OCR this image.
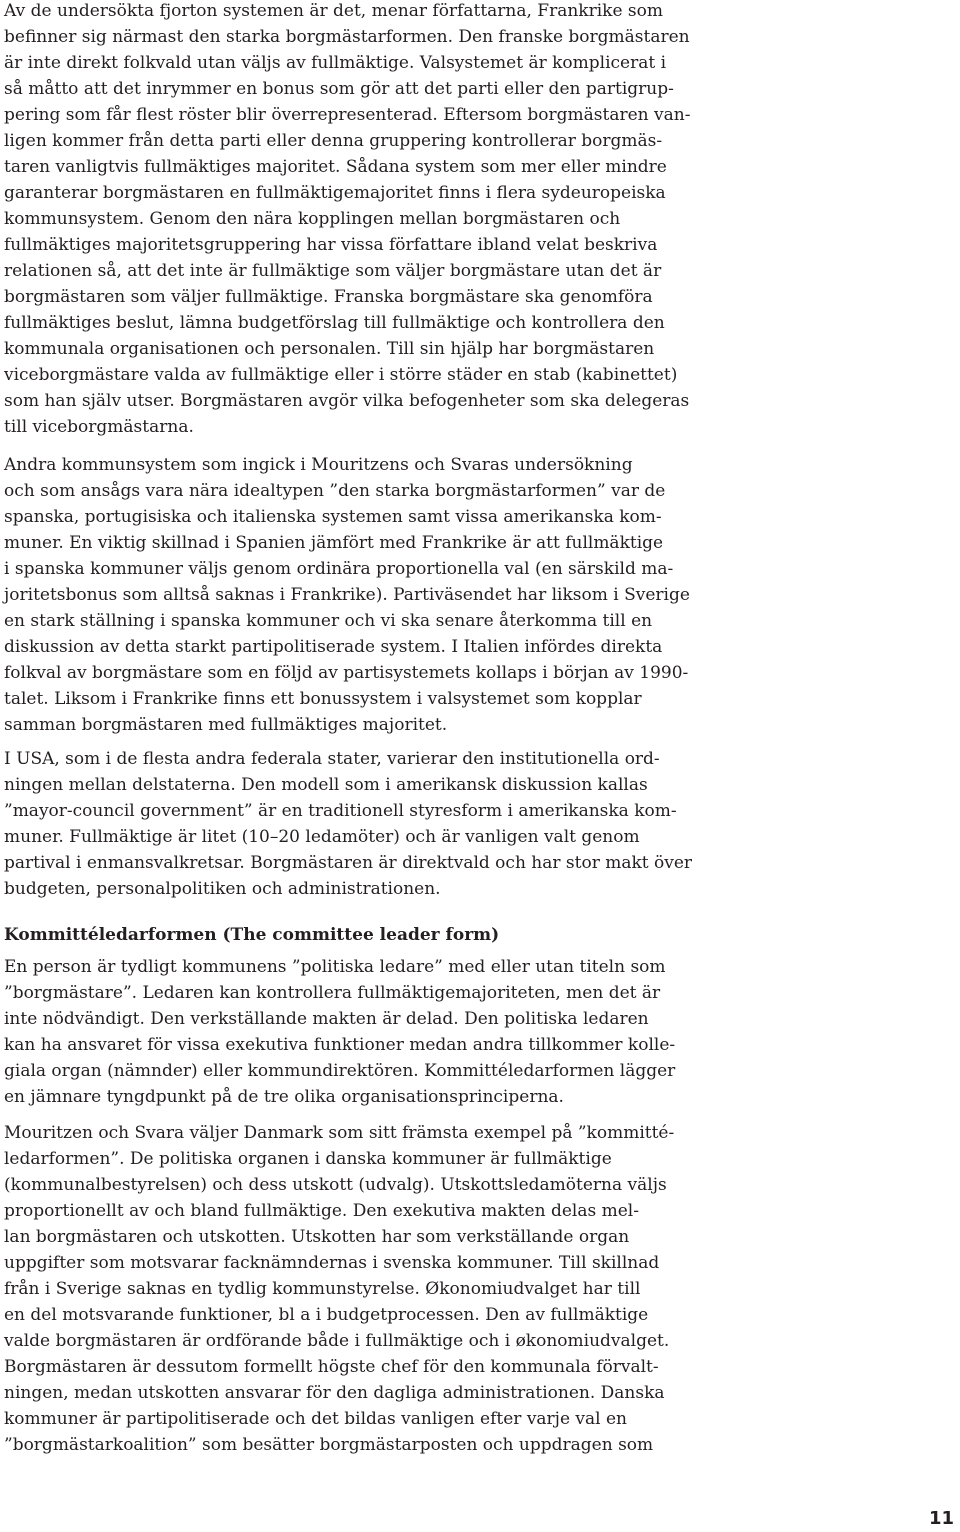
Av de undersökta fjorton systemen är det, menar författarna, Frankrike som
befinner sig närmast den starka borgmästarformen. Den franske borgmästaren
är inte direkt folkvald utan väljs av fullmäktige. Valsystemet är komplicerat i
så måtto att det inrymmer en bonus som gör att det parti eller den partigrup-
pering som får flest röster blir överrepresenterad. Eftersom borgmästaren van-
ligen kommer från detta parti eller denna gruppering kontrollerar borgmäs-
taren vanligtvis fullmäktiges majoritet. Sådana system som mer eller mindre
garanterar borgmästaren en fullmäktigemajoritet finns i flera sydeuropeiska
kommunsystem. Genom den nära kopplingen mellan borgmästaren och
fullmäktiges majoritetsgruppering har vissa författare ibland velat beskriva
relationen så, att det inte är fullmäktige som väljer borgmästare utan det är
borgmästaren som väljer fullmäktige. Franska borgmästare ska genomföra
fullmäktiges beslut, lämna budgetförslag till fullmäktige och kontrollera den
kommunala organisationen och personalen. Till sin hjälp har borgmästaren
viceborgmästare valda av fullmäktige eller i större städer en stab (kabinettet)
som han själv utser. Borgmästaren avgör vilka befogenheter som ska delegeras
till viceborgmästarna.
Andra kommunsystem som ingick i Mouritzens och Svaras undersökning
och som ansågs vara nära idealtypen ”den starka borgmästarformen” var de
spanska, portugisiska och italienska systemen samt vissa amerikanska kom-
muner. En viktig skillnad i Spanien jämfört med Frankrike är att fullmäktige
i spanska kommuner väljs genom ordinära proportionella val (en särskild ma-
joritetsbonus som alltså saknas i Frankrike). Partiväsendet har liksom i Sverige
en stark ställning i spanska kommuner och vi ska senare återkomma till en
diskussion av detta starkt partipolitiserade system. I Italien infördes direkta
folkval av borgmästare som en följd av partisystemets kollaps i början av 1990-
talet. Liksom i Frankrike finns ett bonussystem i valsystemet som kopplar
samman borgmästaren med fullmäktiges majoritet.
I USA, som i de flesta andra federala stater, varierar den institutionella ord-
ningen mellan delstaterna. Den modell som i amerikansk diskussion kallas
”mayor-council government” är en traditionell styresform i amerikanska kom-
muner. Fullmäktige är litet (10–20 ledamöter) och är vanligen valt genom
partival i enmansvalkretsar. Borgmästaren är direktvald och har stor makt över
budgeten, personalpolitiken och administrationen.
Kommittéledarformen (The committee leader form)
En person är tydligt kommunens ”politiska ledare” med eller utan titeln som
”borgmästare”. Ledaren kan kontrollera fullmäktigemajoriteten, men det är
inte nödvändigt. Den verkställande makten är delad. Den politiska ledaren
kan ha ansvaret för vissa exekutiva funktioner medan andra tillkommer kolle-
giala organ (nämnder) eller kommundirektören. Kommittéledarformen lägger
en jämnare tyngdpunkt på de tre olika organisationsprinciperna.
Mouritzen och Svara väljer Danmark som sitt främsta exempel på ”kommitté-
ledarformen”. De politiska organen i danska kommuner är fullmäktige
(kommunalbestyrelsen) och dess utskott (udvalg). Utskottsledamöterna väljs
proportionellt av och bland fullmäktige. Den exekutiva makten delas mel-
lan borgmästaren och utskotten. Utskotten har som verkställande organ
uppgifter som motsvarar facknämndernas i svenska kommuner. Till skillnad
från i Sverige saknas en tydlig kommunstyrelse. Økonomiudvalget har till
en del motsvarande funktioner, bl a i budgetprocessen. Den av fullmäktige
valde borgmästaren är ordförande både i fullmäktige och i økonomiudvalget.
Borgmästaren är dessutom formellt högste chef för den kommunala förvalt-
ningen, medan utskotten ansvarar för den dagliga administrationen. Danska
kommuner är partipolitiserade och det bildas vanligen efter varje val en
”borgmästarkoalition” som besätter borgmästarposten och uppdragen som
11
